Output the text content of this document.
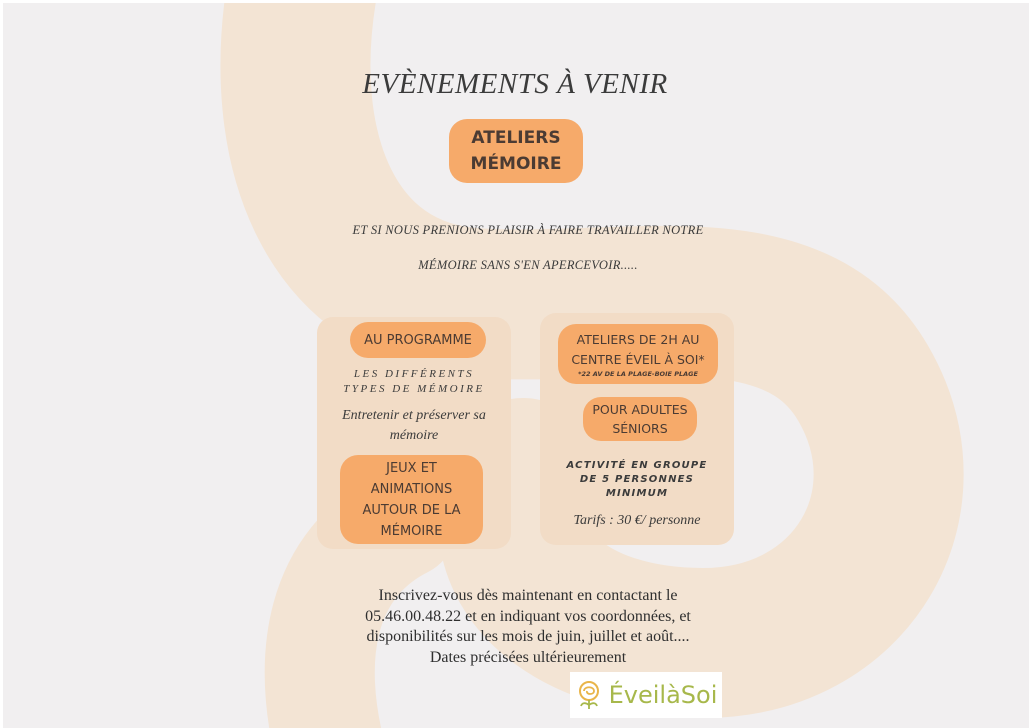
EVÈNEMENTS À VENIR
ATELIERS
MÉMOIRE
ET SI NOUS PRENIONS PLAISIR À FAIRE TRAVAILLER NOTRE
MÉMOIRE SANS S'EN APERCEVOIR.....
AU PROGRAMME
LES DIFFÉRENTS
TYPES DE MÉMOIRE
Entretenir et préserver sa
mémoire
JEUX ET
ANIMATIONS
AUTOUR DE LA
MÉMOIRE
ATELIERS DE 2H AU
CENTRE ÉVEIL À SOI*
*22 AV DE LA PLAGE-BOIE PLAGE
POUR ADULTES
SÉNIORS
ACTIVITÉ EN GROUPE
DE 5 PERSONNES
MINIMUM
Tarifs : 30 €/ personne
Inscrivez-vous dès maintenant en contactant le
05.46.00.48.22 et en indiquant vos coordonnées, et
disponibilités sur les mois de juin, juillet et août....
Dates précisées ultérieurement
ÉveilàSoi
